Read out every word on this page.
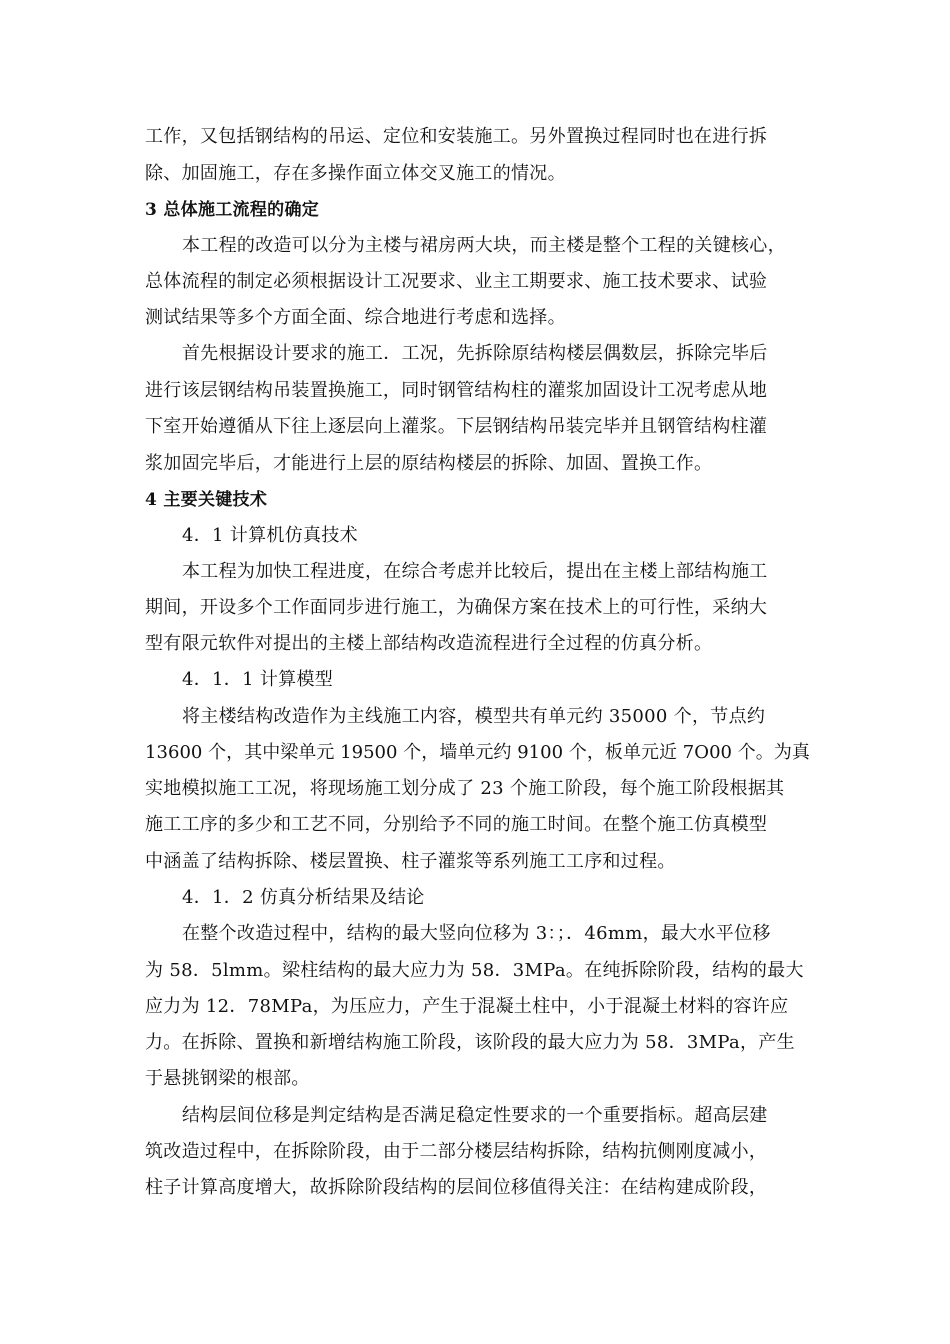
工作，又包括钢结构的吊运、定位和安装施工。另外置换过程同时也在进行拆
除、加固施工，存在多操作面立体交叉施工的情况。
3 总体施工流程的确定
本工程的改造可以分为主楼与裙房两大块，而主楼是整个工程的关键核心，
总体流程的制定必须根据设计工况要求、业主工期要求、施工技术要求、试验
测试结果等多个方面全面、综合地进行考虑和选择。
首先根据设计要求的施工．工况，先拆除原结构楼层偶数层，拆除完毕后
进行该层钢结构吊装置换施工，同时钢管结构柱的灌浆加固设计工况考虑从地
下室开始遵循从下往上逐层向上灌浆。下层钢结构吊装完毕并且钢管结构柱灌
浆加固完毕后，才能进行上层的原结构楼层的拆除、加固、置换工作。
4 主要关键技术
4．1 计算机仿真技术
本工程为加快工程进度，在综合考虑并比较后，提出在主楼上部结构施工
期间，开设多个工作面同步进行施工，为确保方案在技术上的可行性，采纳大
型有限元软件对提出的主楼上部结构改造流程进行全过程的仿真分析。
4．1．1 计算模型
将主楼结构改造作为主线施工内容，模型共有单元约 35000 个，节点约
13600 个，其中梁单元 19500 个，墙单元约 9100 个，板单元近 7O00 个。为真
实地模拟施工工况，将现场施工划分成了 23 个施工阶段，每个施工阶段根据其
施工工序的多少和工艺不同，分别给予不同的施工时间。在整个施工仿真模型
中涵盖了结构拆除、楼层置换、柱子灌浆等系列施工工序和过程。
4．1．2 仿真分析结果及结论
在整个改造过程中，结构的最大竖向位移为 3：；．46mm，最大水平位移
为 58．5lmm。梁柱结构的最大应力为 58．3MPa。在纯拆除阶段，结构的最大
应力为 12．78MPa，为压应力，产生于混凝土柱中，小于混凝土材料的容许应
力。在拆除、置换和新增结构施工阶段，该阶段的最大应力为 58．3MPa，产生
于悬挑钢梁的根部。
结构层间位移是判定结构是否满足稳定性要求的一个重要指标。超高层建
筑改造过程中，在拆除阶段，由于二部分楼层结构拆除，结构抗侧刚度减小，
柱子计算高度增大，故拆除阶段结构的层间位移值得关注：在结构建成阶段，
